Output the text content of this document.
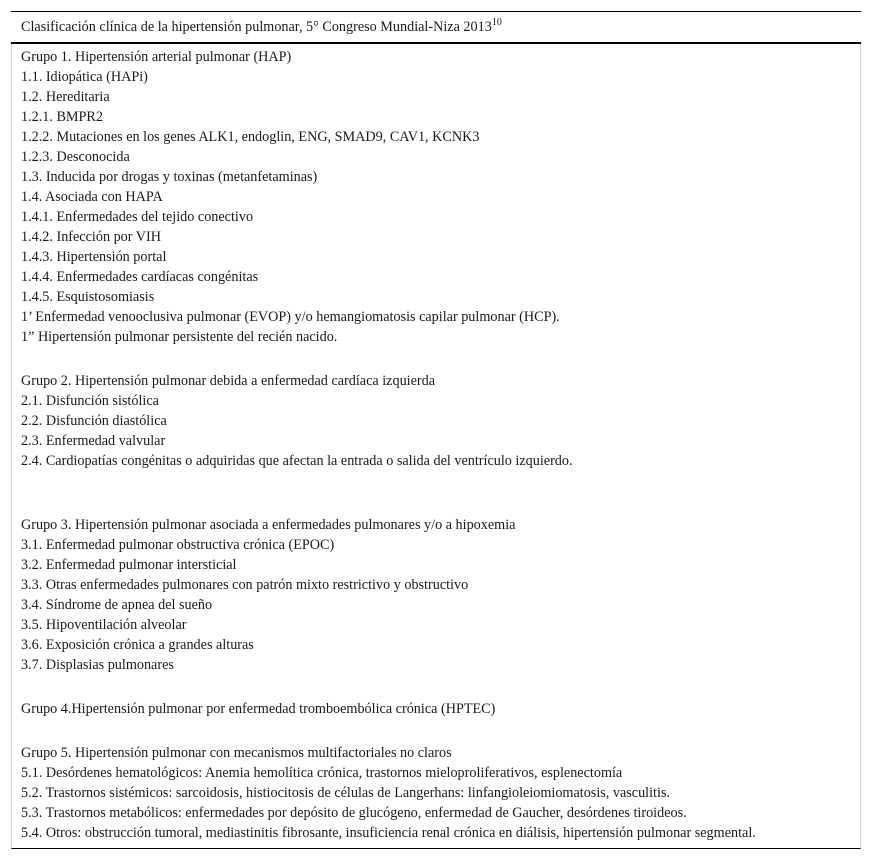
Clasificación clínica de la hipertensión pulmonar, 5° Congreso Mundial-Niza 2013$^{10}$
Grupo 1. Hipertensión arterial pulmonar (HAP)
1.1. Idiopática (HAPi)
1.2. Hereditaria
1.2.1. BMPR2
1.2.2. Mutaciones en los genes ALK1, endoglin, ENG, SMAD9, CAV1, KCNK3
1.2.3. Desconocida
1.3. Inducida por drogas y toxinas (metanfetaminas)
1.4. Asociada con HAPA
1.4.1. Enfermedades del tejido conectivo
1.4.2. Infección por VIH
1.4.3. Hipertensión portal
1.4.4. Enfermedades cardíacas congénitas
1.4.5. Esquistosomiasis
1’ Enfermedad venooclusiva pulmonar (EVOP) y/o hemangiomatosis capilar pulmonar (HCP).
1” Hipertensión pulmonar persistente del recién nacido.
Grupo 2. Hipertensión pulmonar debida a enfermedad cardíaca izquierda
2.1. Disfunción sistólica
2.2. Disfunción diastólica
2.3. Enfermedad valvular
2.4. Cardiopatías congénitas o adquiridas que afectan la entrada o salida del ventrículo izquierdo.
Grupo 3. Hipertensión pulmonar asociada a enfermedades pulmonares y/o a hipoxemia
3.1. Enfermedad pulmonar obstructiva crónica (EPOC)
3.2. Enfermedad pulmonar intersticial
3.3. Otras enfermedades pulmonares con patrón mixto restrictivo y obstructivo
3.4. Síndrome de apnea del sueño
3.5. Hipoventilación alveolar
3.6. Exposición crónica a grandes alturas
3.7. Displasias pulmonares
Grupo 4.Hipertensión pulmonar por enfermedad tromboembólica crónica (HPTEC)
Grupo 5. Hipertensión pulmonar con mecanismos multifactoriales no claros
5.1. Desórdenes hematológicos: Anemia hemolítica crónica, trastornos mieloproliferativos, esplenectomía
5.2. Trastornos sistémicos: sarcoidosis, histiocitosis de células de Langerhans: linfangioleiomiomatosis, vasculitis.
5.3. Trastornos metabólicos: enfermedades por depósito de glucógeno, enfermedad de Gaucher, desórdenes tiroideos.
5.4. Otros: obstrucción tumoral, mediastinitis fibrosante, insuficiencia renal crónica en diálisis, hipertensión pulmonar segmental.
